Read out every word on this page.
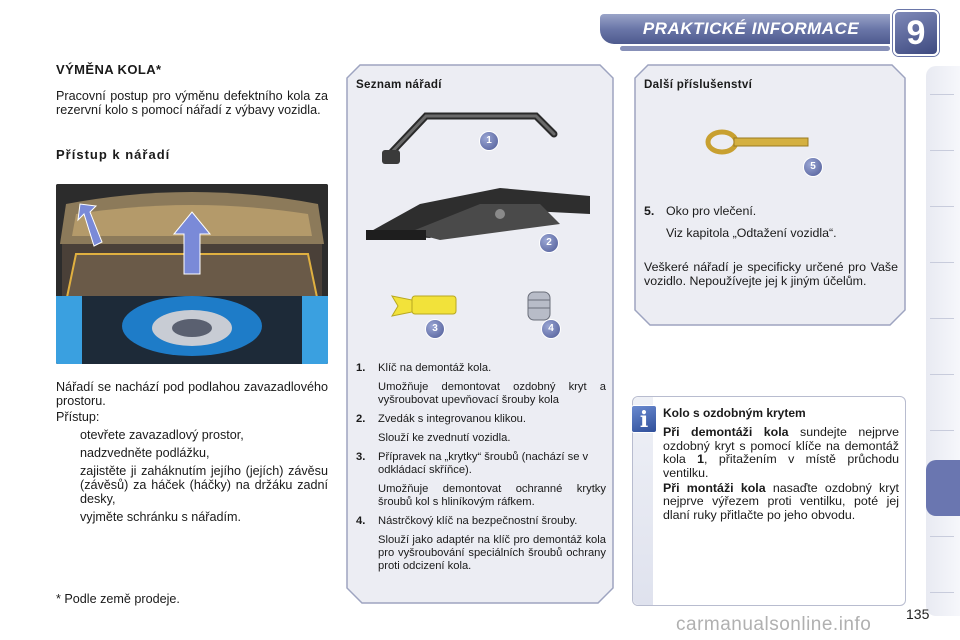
PRAKTICKÉ INFORMACE	9
VÝMĚNA KOLA*
Pracovní postup pro výměnu defektního kola za rezervní kolo s pomocí nářadí z výbavy vozidla.
Přístup k nářadí
Nářadí se nachází pod podlahou zavazadlového prostoru.
Přístup:
otevřete zavazadlový prostor,
nadzvedněte podlážku,
zajistěte ji zaháknutím jejího (jejích) závěsu (závěsů) za háček (háčky) na držáku zadní desky,
vyjměte schránku s nářadím.
* Podle země prodeje.
Seznam nářadí
1
2
3	4
1.	Klíč na demontáž kola.
Umožňuje demontovat ozdobný kryt a vyšroubovat upevňovací šrouby kola
2.	Zvedák s integrovanou klikou.
Slouží ke zvednutí vozidla.
3.	Přípravek na „krytky“ šroubů (nachází se v odkládací skříňce).
Umožňuje demontovat ochranné krytky šroubů kol s hliníkovým ráfkem.
4.	Nástrčkový klíč na bezpečnostní šrouby.
Slouží jako adaptér na klíč pro demontáž kola pro vyšroubování speciálních šroubů ochrany proti odcizení kola.
Další příslušenství
5
5. Oko pro vlečení.
Viz kapitola „Odtažení vozidla“.
Veškeré nářadí je specificky určené pro Vaše vozidlo. Nepoužívejte jej k jiným účelům.
i	Kolo s ozdobným krytem
Při demontáži kola sundejte nejprve ozdobný kryt s pomocí klíče na demontáž kola 1, přitažením v místě průchodu ventilku.
Při montáži kola nasaďte ozdobný kryt nejprve výřezem proti ventilku, poté jej dlaní ruky přitlačte po jeho obvodu.
135
carmanualsonline.info
